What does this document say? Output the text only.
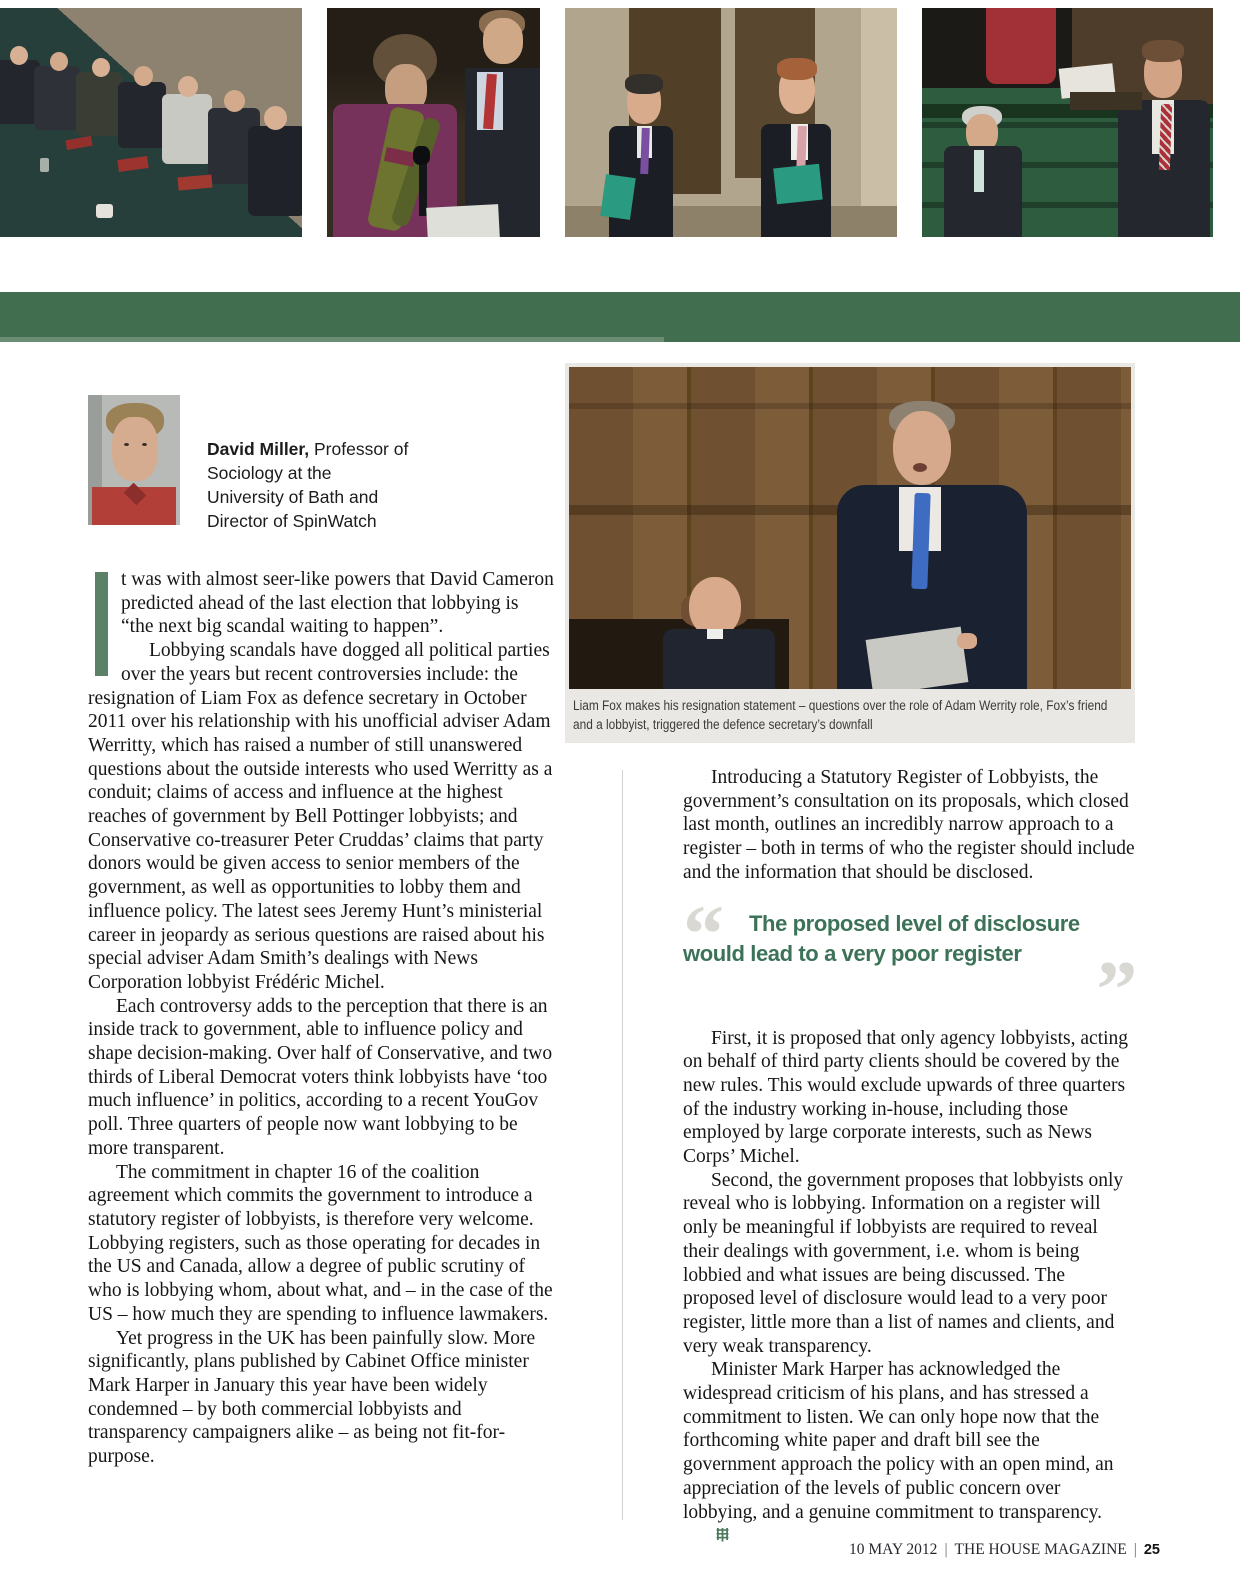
David Miller, Professor of Sociology at the University of Bath and Director of SpinWatch

t was with almost seer-like powers that David Cameron predicted ahead of the last election that lobbying is “the next big scandal waiting to happen”.

Lobbying scandals have dogged all political parties over the years but recent controversies include: the resignation of Liam Fox as defence secretary in October 2011 over his relationship with his unofficial adviser Adam Werritty, which has raised a number of still unanswered questions about the outside interests who used Werritty as a conduit; claims of access and influence at the highest reaches of government by Bell Pottinger lobbyists; and Conservative co-treasurer Peter Cruddas’ claims that party donors would be given access to senior members of the government, as well as opportunities to lobby them and influence policy. The latest sees Jeremy Hunt’s ministerial career in jeopardy as serious questions are raised about his special adviser Adam Smith’s dealings with News Corporation lobbyist Frédéric Michel.

Each controversy adds to the perception that there is an inside track to government, able to influence policy and shape decision-making. Over half of Conservative, and two thirds of Liberal Democrat voters think lobbyists have ‘too much influence’ in politics, according to a recent YouGov poll. Three quarters of people now want lobbying to be more transparent.

The commitment in chapter 16 of the coalition agreement which commits the government to introduce a statutory register of lobbyists, is therefore very welcome. Lobbying registers, such as those operating for decades in the US and Canada, allow a degree of public scrutiny of who is lobbying whom, about what, and – in the case of the US – how much they are spending to influence lawmakers.

Yet progress in the UK has been painfully slow. More significantly, plans published by Cabinet Office minister Mark Harper in January this year have been widely condemned – by both commercial lobbyists and transparency campaigners alike – as being not fit-for-purpose.

Liam Fox makes his resignation statement – questions over the role of Adam Werrity role, Fox’s friend and a lobbyist, triggered the defence secretary’s downfall

Introducing a Statutory Register of Lobbyists, the government’s consultation on its proposals, which closed last month, outlines an incredibly narrow approach to a register – both in terms of who the register should include and the information that should be disclosed.

“ The proposed level of disclosure would lead to a very poor register ”

First, it is proposed that only agency lobbyists, acting on behalf of third party clients should be covered by the new rules. This would exclude upwards of three quarters of the industry working in-house, including those employed by large corporate interests, such as News Corps’ Michel.

Second, the government proposes that lobbyists only reveal who is lobbying. Information on a register will only be meaningful if lobbyists are required to reveal their dealings with government, i.e. whom is being lobbied and what issues are being discussed. The proposed level of disclosure would lead to a very poor register, little more than a list of names and clients, and very weak transparency.

Minister Mark Harper has acknowledged the widespread criticism of his plans, and has stressed a commitment to listen. We can only hope now that the forthcoming white paper and draft bill see the government approach the policy with an open mind, an appreciation of the levels of public concern over lobbying, and a genuine commitment to transparency.

10 MAY 2012 | THE HOUSE MAGAZINE | 25
